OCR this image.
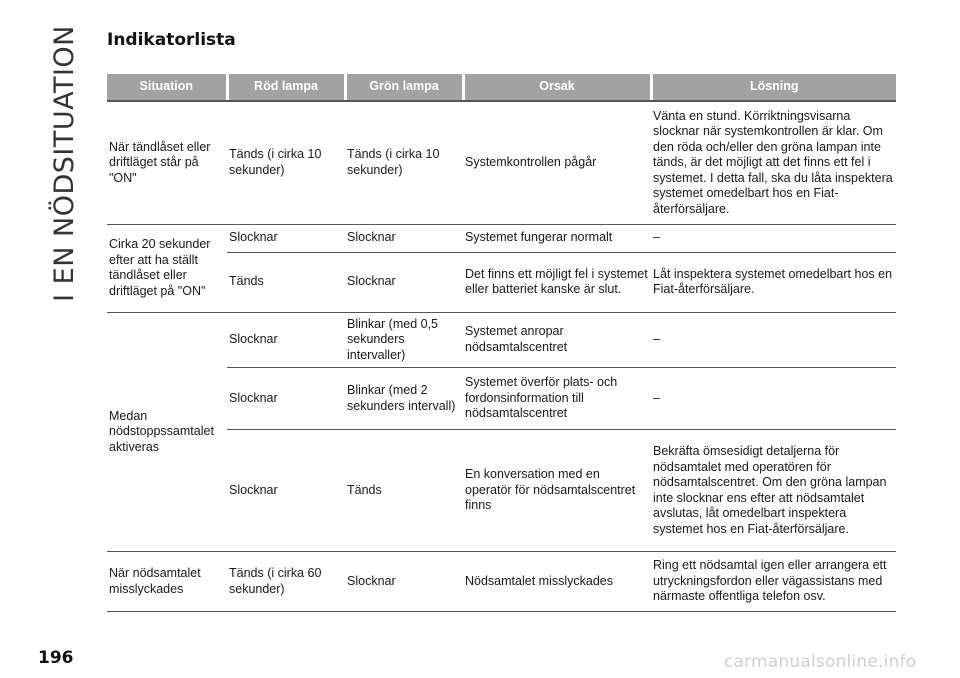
I EN NÖDSITUATION Indikatorlista
Situation	Röd lampa	Grön lampa	Orsak	Lösning

När tändlåset eller driftläget står på "ON"	Tänds (i cirka 10 sekunder)	Tänds (i cirka 10 sekunder)	Systemkontrollen pågår	Vänta en stund. Körriktningsvisarna slocknar när systemkontrollen är klar. Om den röda och/eller den gröna lampan inte tänds, är det möjligt att det finns ett fel i systemet. I detta fall, ska du låta inspektera systemet omedelbart hos en Fiat-återförsäljare.
Cirka 20 sekunder efter att ha ställt tändlåset eller driftläget på "ON"	Slocknar	Slocknar	Systemet fungerar normalt	–
	Tänds	Slocknar	Det finns ett möjligt fel i systemet eller batteriet kanske är slut.	Låt inspektera systemet omedelbart hos en Fiat-återförsäljare.
Medan nödstoppssamtalet aktiveras	Slocknar	Blinkar (med 0,5 sekunders intervaller)	Systemet anropar nödsamtalscentret	–
	Slocknar	Blinkar (med 2 sekunders intervall)	Systemet överför plats- och fordonsinformation till nödsamtalscentret	–
	Slocknar	Tänds	En konversation med en operatör för nödsamtalscentret finns	Bekräfta ömsesidigt detaljerna för nödsamtalet med operatören för nödsamtalscentret. Om den gröna lampan inte slocknar ens efter att nödsamtalet avslutas, låt omedelbart inspektera systemet hos en Fiat-återförsäljare.
När nödsamtalet misslyckades	Tänds (i cirka 60 sekunder)	Slocknar	Nödsamtalet misslyckades	Ring ett nödsamtal igen eller arrangera ett utryckningsfordon eller vägassistans med närmaste offentliga telefon osv.
196	carmanualsonline.info
